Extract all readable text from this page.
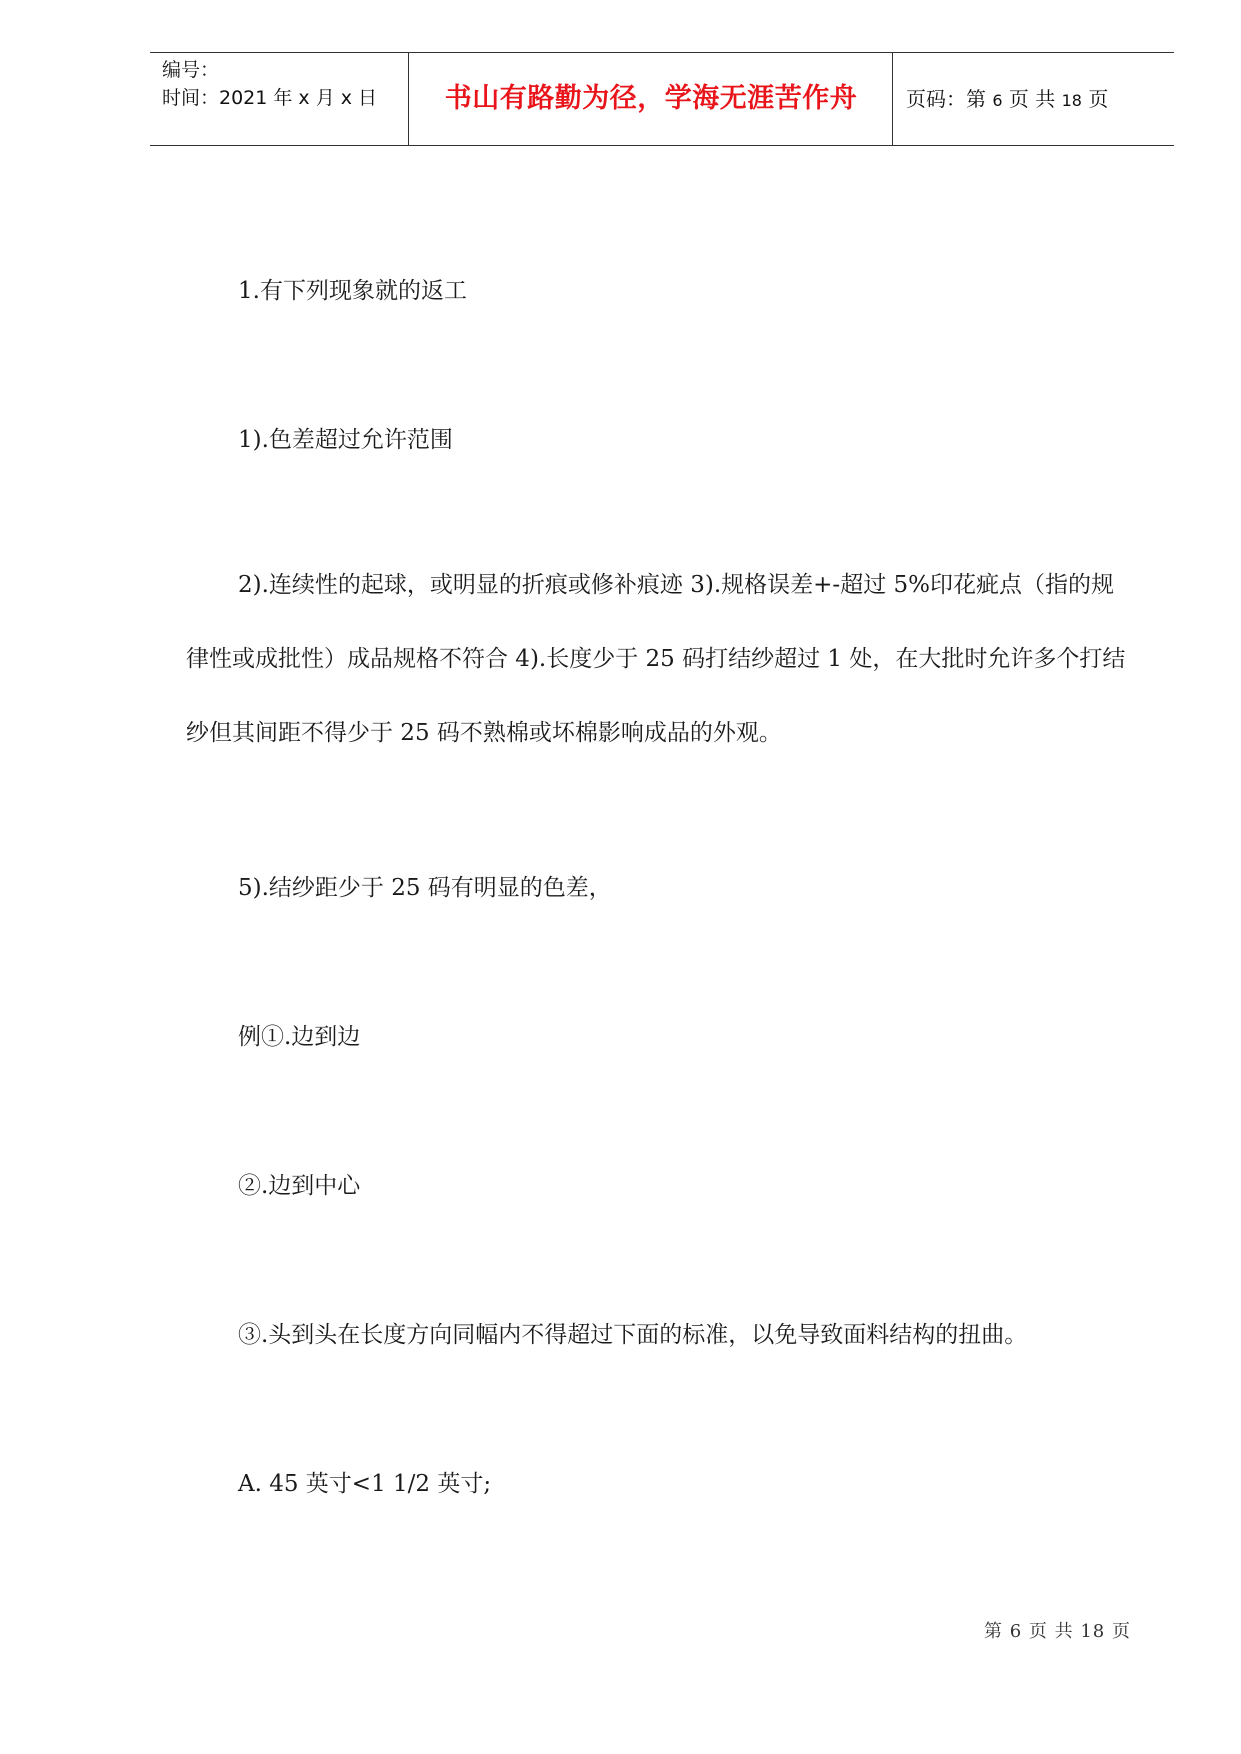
编号：
时间：2021 年 x 月 x 日	书山有路勤为径，学海无涯苦作舟	页码：第 6 页 共 18 页
1.有下列现象就的返工
1).色差超过允许范围
2).连续性的起球，或明显的折痕或修补痕迹 3).规格误差+-超过 5%印花疵点（指的规律性或成批性）成品规格不符合 4).长度少于 25 码打结纱超过 1 处，在大批时允许多个打结纱但其间距不得少于 25 码不熟棉或坏棉影响成品的外观。
5).结纱距少于 25 码有明显的色差，
例①.边到边
②.边到中心
③.头到头在长度方向同幅内不得超过下面的标准，以免导致面料结构的扭曲。
A. 45 英寸<1 1/2 英寸;
第 6 页 共 18 页
